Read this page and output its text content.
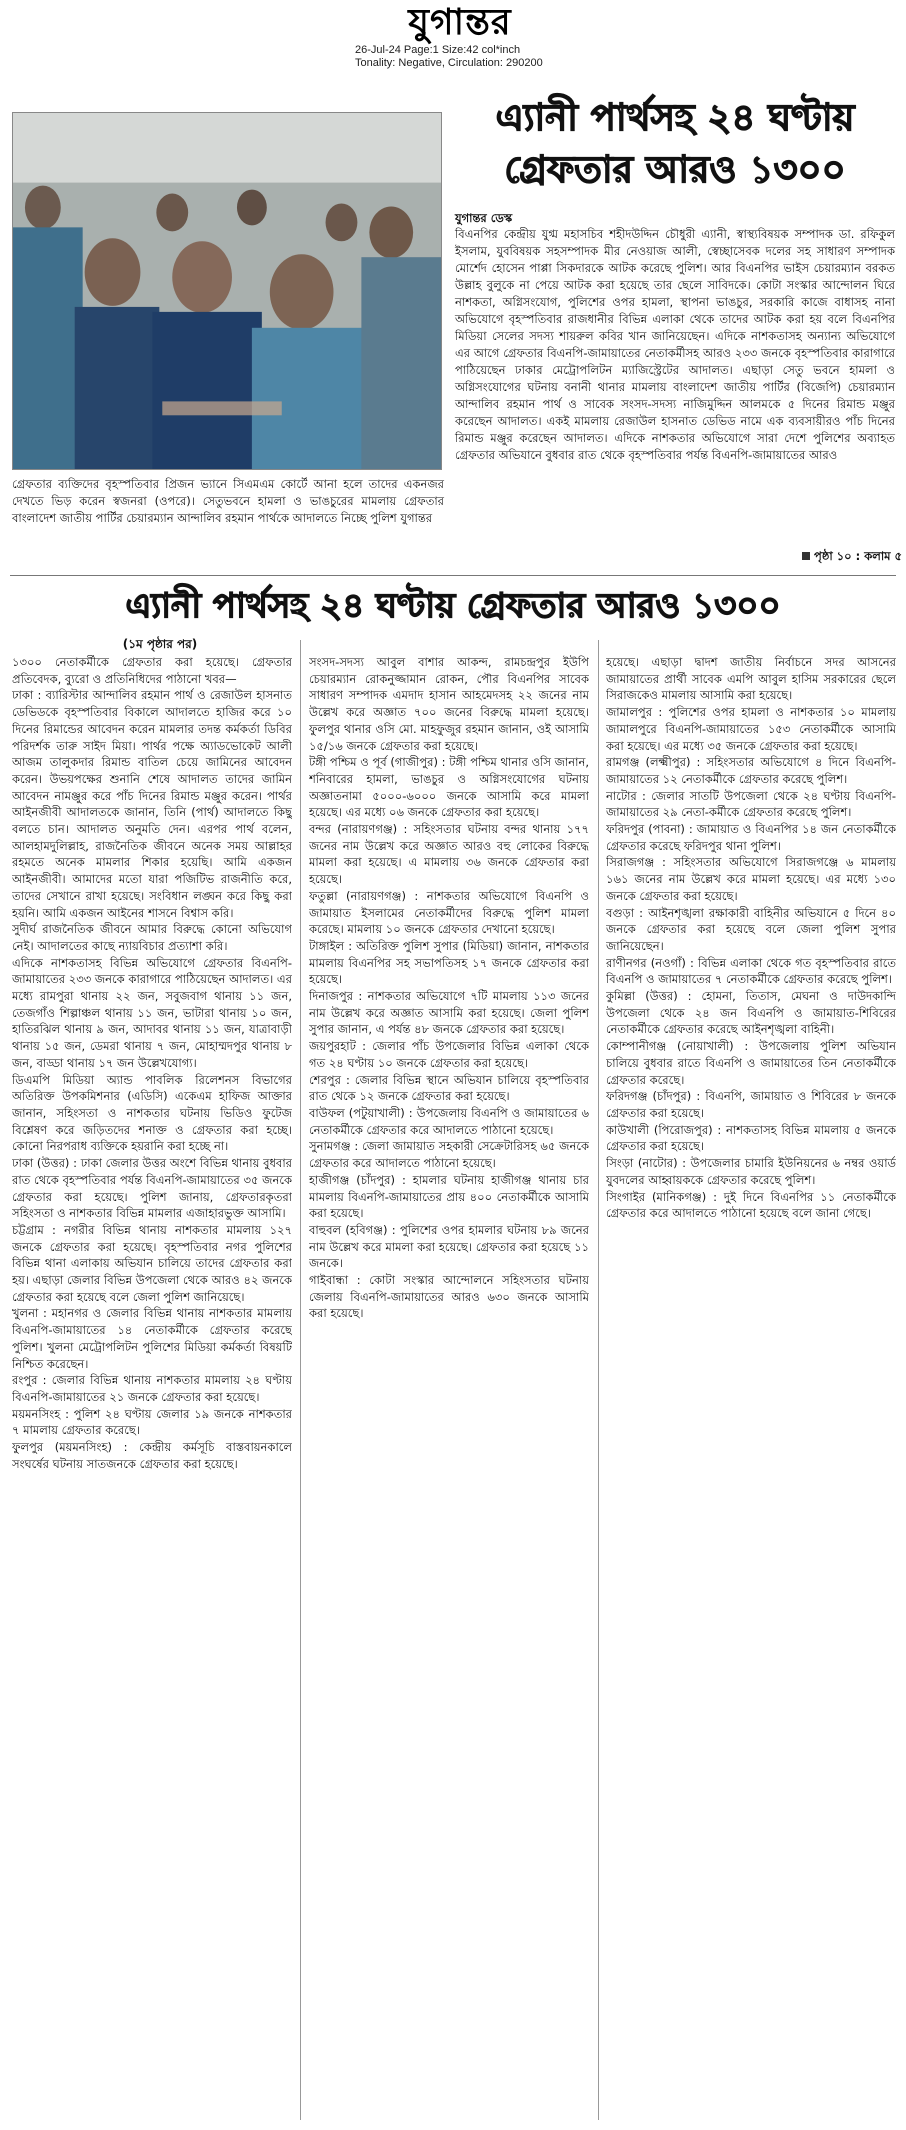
যুগান্তর
26-Jul-24 Page:1 Size:42 col*inch
Tonality: Negative, Circulation: 290200
গ্রেফতার ব্যক্তিদের বৃহস্পতিবার প্রিজন ভ্যানে সিএমএম কোর্টে আনা হলে তাদের একনজর দেখতে ভিড় করেন স্বজনরা (ওপরে)। সেতুভবনে হামলা ও ভাঙচুরের মামলায় গ্রেফতার বাংলাদেশ জাতীয় পার্টির চেয়ারম্যান আন্দালিব রহমান পার্থকে আদালতে নিচ্ছে পুলিশ যুগান্তর
এ্যানী পার্থসহ ২৪ ঘণ্টায়
গ্রেফতার আরও ১৩০০
যুগান্তর ডেস্ক
বিএনপির কেন্দ্রীয় যুগ্ম মহাসচিব শহীদউদ্দিন চৌধুরী এ্যানী, স্বাস্থ্যবিষয়ক সম্পাদক ডা. রফিকুল ইসলাম, যুববিষয়ক সহসম্পাদক মীর নেওয়াজ আলী, স্বেচ্ছাসেবক দলের সহ সাধারণ সম্পাদক মোর্শেদ হোসেন পাপ্পা সিকদারকে আটক করেছে পুলিশ। আর বিএনপির ভাইস চেয়ারম্যান বরকত উল্লাহ বুলুকে না পেয়ে আটক করা হয়েছে তার ছেলে সাবিদকে। কোটা সংস্কার আন্দোলন ঘিরে নাশকতা, অগ্নিসংযোগ, পুলিশের ওপর হামলা, স্থাপনা ভাঙচুর, সরকারি কাজে বাধাসহ নানা অভিযোগে বৃহস্পতিবার রাজধানীর বিভিন্ন এলাকা থেকে তাদের আটক করা হয় বলে বিএনপির মিডিয়া সেলের সদস্য শায়রুল কবির খান জানিয়েছেন। এদিকে নাশকতাসহ অন্যান্য অভিযোগে এর আগে গ্রেফতার বিএনপি-জামায়াতের নেতাকর্মীসহ আরও ২৩৩ জনকে বৃহস্পতিবার কারাগারে পাঠিয়েছেন ঢাকার মেট্রোপলিটন ম্যাজিস্ট্রেটের আদালত। এছাড়া সেতু ভবনে হামলা ও অগ্নিসংযোগের ঘটনায় বনানী থানার মামলায় বাংলাদেশ জাতীয় পার্টির (বিজেপি) চেয়ারম্যান আন্দালিব রহমান পার্থ ও সাবেক সংসদ-সদস্য নাজিমুদ্দিন আলমকে ৫ দিনের রিমান্ড মঞ্জুর করেছেন আদালত। একই মামলায় রেজাউল হাসনাত ডেভিড নামে এক ব্যবসায়ীরও পাঁচ দিনের রিমান্ড মঞ্জুর করেছেন আদালত। এদিকে নাশকতার অভিযোগে সারা দেশে পুলিশের অব্যাহত গ্রেফতার অভিযানে বুধবার রাত থেকে বৃহস্পতিবার পর্যন্ত বিএনপি-জামায়াতের আরও
পৃষ্ঠা ১০ : কলাম ৫
এ্যানী পার্থসহ ২৪ ঘণ্টায় গ্রেফতার আরও ১৩০০
(১ম পৃষ্ঠার পর)

১৩০০ নেতাকর্মীকে গ্রেফতার করা হয়েছে। গ্রেফতার প্রতিবেদক, ব্যুরো ও প্রতিনিধিদের পাঠানো খবর—

ঢাকা : ব্যারিস্টার আন্দালিব রহমান পার্থ ও রেজাউল হাসনাত ডেভিডকে বৃহস্পতিবার বিকালে আদালতে হাজির করে ১০ দিনের রিমান্ডের আবেদন করেন মামলার তদন্ত কর্মকর্তা ডিবির পরিদর্শক তারু সাইদ মিয়া। পার্থর পক্ষে অ্যাডভোকেট আলী আজম তালুকদার রিমান্ড বাতিল চেয়ে জামিনের আবেদন করেন। উভয়পক্ষের শুনানি শেষে আদালত তাদের জামিন আবেদন নামঞ্জুর করে পাঁচ দিনের রিমান্ড মঞ্জুর করেন। পার্থর আইনজীবী আদালতকে জানান, তিনি (পার্থ) আদালতে কিছু বলতে চান। আদালত অনুমতি দেন। এরপর পার্থ বলেন, আলহামদুলিল্লাহ, রাজনৈতিক জীবনে অনেক সময় আল্লাহর রহমতে অনেক মামলার শিকার হয়েছি। আমি একজন আইনজীবী। আমাদের মতো যারা পজিটিভ রাজনীতি করে, তাদের সেখানে রাখা হয়েছে। সংবিধান লঙ্ঘন করে কিছু করা হয়নি। আমি একজন আইনের শাসনে বিশ্বাস করি।

সুদীর্ঘ রাজনৈতিক জীবনে আমার বিরুদ্ধে কোনো অভিযোগ নেই। আদালতের কাছে ন্যায়বিচার প্রত্যাশা করি।

এদিকে নাশকতাসহ বিভিন্ন অভিযোগে গ্রেফতার বিএনপি-জামায়াতের ২৩৩ জনকে কারাগারে পাঠিয়েছেন আদালত। এর মধ্যে রামপুরা থানায় ২২ জন, সবুজবাগ থানায় ১১ জন, তেজগাঁও শিল্পাঞ্চল থানায় ১১ জন, ভাটারা থানায় ১০ জন, হাতিরঝিল থানায় ৯ জন, আদাবর থানায় ১১ জন, যাত্রাবাড়ী থানায় ১৫ জন, ডেমরা থানায় ৭ জন, মোহাম্মদপুর থানায় ৮ জন, বাড্ডা থানায় ১৭ জন উল্লেখযোগ্য।

ডিএমপি মিডিয়া অ্যান্ড পাবলিক রিলেশনস বিভাগের অতিরিক্ত উপকমিশনার (এডিসি) একেএম হাফিজ আক্তার জানান, সহিংসতা ও নাশকতার ঘটনায় ভিডিও ফুটেজ বিশ্লেষণ করে জড়িতদের শনাক্ত ও গ্রেফতার করা হচ্ছে। কোনো নিরপরাধ ব্যক্তিকে হয়রানি করা হচ্ছে না।

ঢাকা (উত্তর) : ঢাকা জেলার উত্তর অংশে বিভিন্ন থানায় বুধবার রাত থেকে বৃহস্পতিবার পর্যন্ত বিএনপি-জামায়াতের ৩৫ জনকে গ্রেফতার করা হয়েছে। পুলিশ জানায়, গ্রেফতারকৃতরা সহিংসতা ও নাশকতার বিভিন্ন মামলার এজাহারভুক্ত আসামি।

চট্টগ্রাম : নগরীর বিভিন্ন থানায় নাশকতার মামলায় ১২৭ জনকে গ্রেফতার করা হয়েছে। বৃহস্পতিবার নগর পুলিশের বিভিন্ন থানা এলাকায় অভিযান চালিয়ে তাদের গ্রেফতার করা হয়। এছাড়া জেলার বিভিন্ন উপজেলা থেকে আরও ৪২ জনকে গ্রেফতার করা হয়েছে বলে জেলা পুলিশ জানিয়েছে।

খুলনা : মহানগর ও জেলার বিভিন্ন থানায় নাশকতার মামলায় বিএনপি-জামায়াতের ১৪ নেতাকর্মীকে গ্রেফতার করেছে পুলিশ। খুলনা মেট্রোপলিটন পুলিশের মিডিয়া কর্মকর্তা বিষয়টি নিশ্চিত করেছেন।

রংপুর : জেলার বিভিন্ন থানায় নাশকতার মামলায় ২৪ ঘণ্টায় বিএনপি-জামায়াতের ২১ জনকে গ্রেফতার করা হয়েছে।

ময়মনসিংহ : পুলিশ ২৪ ঘণ্টায় জেলার ১৯ জনকে নাশকতার ৭ মামলায় গ্রেফতার করেছে।

ফুলপুর (ময়মনসিংহ) : কেন্দ্রীয় কর্মসূচি বাস্তবায়নকালে সংঘর্ষের ঘটনায় সাতজনকে গ্রেফতার করা হয়েছে।

সংসদ-সদস্য আবুল বাশার আকন্দ, রামচন্দ্রপুর ইউপি চেয়ারম্যান রোকনুজ্জামান রোকন, পৌর বিএনপির সাবেক সাধারণ সম্পাদক এমদাদ হাসান আহমেদসহ ২২ জনের নাম উল্লেখ করে অজ্ঞাত ৭০০ জনের বিরুদ্ধে মামলা হয়েছে। ফুলপুর থানার ওসি মো. মাহফুজুর রহমান জানান, ওই আসামি ১৫/১৬ জনকে গ্রেফতার করা হয়েছে।

টঙ্গী পশ্চিম ও পূর্ব (গাজীপুর) : টঙ্গী পশ্চিম থানার ওসি জানান, শনিবারের হামলা, ভাঙচুর ও অগ্নিসংযোগের ঘটনায় অজ্ঞাতনামা ৫০০০-৬০০০ জনকে আসামি করে মামলা হয়েছে। এর মধ্যে ০৬ জনকে গ্রেফতার করা হয়েছে।

বন্দর (নারায়ণগঞ্জ) : সহিংসতার ঘটনায় বন্দর থানায় ১৭৭ জনের নাম উল্লেখ করে অজ্ঞাত আরও বহু লোকের বিরুদ্ধে মামলা করা হয়েছে। এ মামলায় ৩৬ জনকে গ্রেফতার করা হয়েছে।

ফতুল্লা (নারায়ণগঞ্জ) : নাশকতার অভিযোগে বিএনপি ও জামায়াত ইসলামের নেতাকর্মীদের বিরুদ্ধে পুলিশ মামলা করেছে। মামলায় ১০ জনকে গ্রেফতার দেখানো হয়েছে।

টাঙ্গাইল : অতিরিক্ত পুলিশ সুপার (মিডিয়া) জানান, নাশকতার মামলায় বিএনপির সহ সভাপতিসহ ১৭ জনকে গ্রেফতার করা হয়েছে।

দিনাজপুর : নাশকতার অভিযোগে ৭টি মামলায় ১১৩ জনের নাম উল্লেখ করে অজ্ঞাত আসামি করা হয়েছে। জেলা পুলিশ সুপার জানান, এ পর্যন্ত ৪৮ জনকে গ্রেফতার করা হয়েছে।

জয়পুরহাট : জেলার পাঁচ উপজেলার বিভিন্ন এলাকা থেকে গত ২৪ ঘণ্টায় ১০ জনকে গ্রেফতার করা হয়েছে।

শেরপুর : জেলার বিভিন্ন স্থানে অভিযান চালিয়ে বৃহস্পতিবার রাত থেকে ১২ জনকে গ্রেফতার করা হয়েছে।

বাউফল (পটুয়াখালী) : উপজেলায় বিএনপি ও জামায়াতের ৬ নেতাকর্মীকে গ্রেফতার করে আদালতে পাঠানো হয়েছে।

সুনামগঞ্জ : জেলা জামায়াত সহকারী সেক্রেটারিসহ ৬৫ জনকে গ্রেফতার করে আদালতে পাঠানো হয়েছে।

হাজীগঞ্জ (চাঁদপুর) : হামলার ঘটনায় হাজীগঞ্জ থানায় চার মামলায় বিএনপি-জামায়াতের প্রায় ৪০০ নেতাকর্মীকে আসামি করা হয়েছে।

বাহুবল (হবিগঞ্জ) : পুলিশের ওপর হামলার ঘটনায় ৮৯ জনের নাম উল্লেখ করে মামলা করা হয়েছে। গ্রেফতার করা হয়েছে ১১ জনকে।

গাইবান্ধা : কোটা সংস্কার আন্দোলনে সহিংসতার ঘটনায় জেলায় বিএনপি-জামায়াতের আরও ৬৩০ জনকে আসামি করা হয়েছে।

হয়েছে। এছাড়া দ্বাদশ জাতীয় নির্বাচনে সদর আসনের জামায়াতের প্রার্থী সাবেক এমপি আবুল হাসিম সরকারের ছেলে সিরাজকেও মামলায় আসামি করা হয়েছে।

জামালপুর : পুলিশের ওপর হামলা ও নাশকতার ১০ মামলায় জামালপুরে বিএনপি-জামায়াতের ১৫৩ নেতাকর্মীকে আসামি করা হয়েছে। এর মধ্যে ৩৫ জনকে গ্রেফতার করা হয়েছে।

রামগঞ্জ (লক্ষ্মীপুর) : সহিংসতার অভিযোগে ৪ দিনে বিএনপি-জামায়াতের ১২ নেতাকর্মীকে গ্রেফতার করেছে পুলিশ।

নাটোর : জেলার সাতটি উপজেলা থেকে ২৪ ঘণ্টায় বিএনপি-জামায়াতের ২৯ নেতা-কর্মীকে গ্রেফতার করেছে পুলিশ।

ফরিদপুর (পাবনা) : জামায়াত ও বিএনপির ১৪ জন নেতাকর্মীকে গ্রেফতার করেছে ফরিদপুর থানা পুলিশ।

সিরাজগঞ্জ : সহিংসতার অভিযোগে সিরাজগঞ্জে ৬ মামলায় ১৬১ জনের নাম উল্লেখ করে মামলা হয়েছে। এর মধ্যে ১৩০ জনকে গ্রেফতার করা হয়েছে।

বগুড়া : আইনশৃঙ্খলা রক্ষাকারী বাহিনীর অভিযানে ৫ দিনে ৪০ জনকে গ্রেফতার করা হয়েছে বলে জেলা পুলিশ সুপার জানিয়েছেন।

রাণীনগর (নওগাঁ) : বিভিন্ন এলাকা থেকে গত বৃহস্পতিবার রাতে বিএনপি ও জামায়াতের ৭ নেতাকর্মীকে গ্রেফতার করেছে পুলিশ।

কুমিল্লা (উত্তর) : হোমনা, তিতাস, মেঘনা ও দাউদকান্দি উপজেলা থেকে ২৪ জন বিএনপি ও জামায়াত-শিবিরের নেতাকর্মীকে গ্রেফতার করেছে আইনশৃঙ্খলা বাহিনী।

কোম্পানীগঞ্জ (নোয়াখালী) : উপজেলায় পুলিশ অভিযান চালিয়ে বুধবার রাতে বিএনপি ও জামায়াতের তিন নেতাকর্মীকে গ্রেফতার করেছে।

ফরিদগঞ্জ (চাঁদপুর) : বিএনপি, জামায়াত ও শিবিরের ৮ জনকে গ্রেফতার করা হয়েছে।

কাউখালী (পিরোজপুর) : নাশকতাসহ বিভিন্ন মামলায় ৫ জনকে গ্রেফতার করা হয়েছে।

সিংড়া (নাটোর) : উপজেলার চামারি ইউনিয়নের ৬ নম্বর ওয়ার্ড যুবদলের আহ্বায়ককে গ্রেফতার করেছে পুলিশ।

সিংগাইর (মানিকগঞ্জ) : দুই দিনে বিএনপির ১১ নেতাকর্মীকে গ্রেফতার করে আদালতে পাঠানো হয়েছে বলে জানা গেছে।
